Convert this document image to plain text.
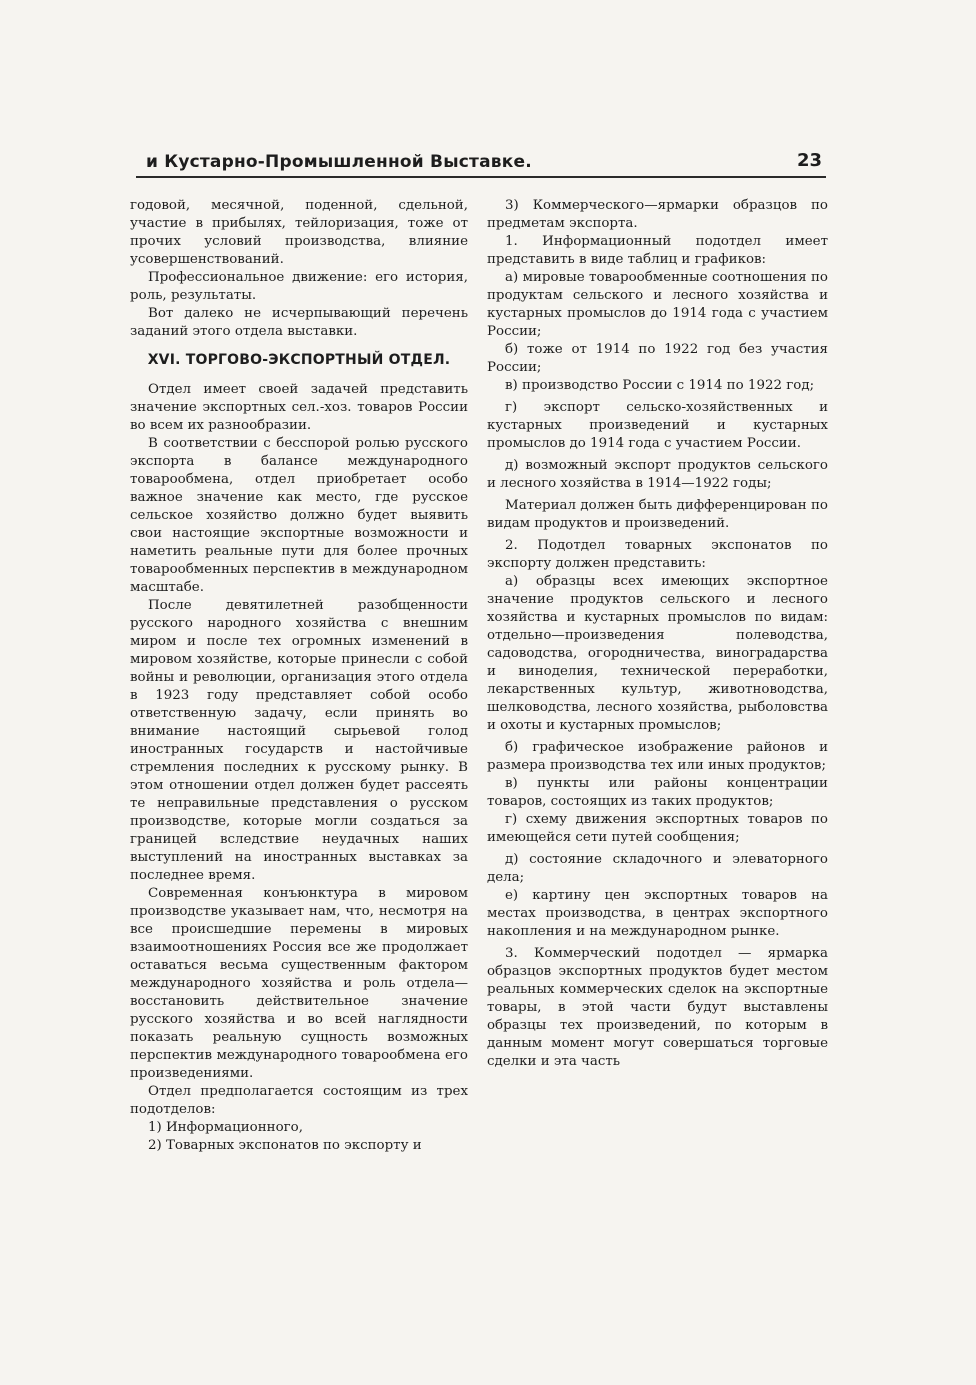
и Кустарно-Промышленной Выставке.	23

годовой, месячной, поденной, сдельной, участие в прибылях, тейлоризация, тоже от прочих условий производства, влияние усовершенствований.

Профессиональное движение: его история, роль, результаты.

Вот далеко не исчерпывающий перечень заданий этого отдела выставки.

XVI. ТОРГОВО-ЭКСПОРТНЫЙ ОТДЕЛ.

Отдел имеет своей задачей представить значение экспортных сел.-хоз. товаров России во всем их разнообразии.

В соответствии с бесспорой ролью русского экспорта в балансе международного товарообмена, отдел приобретает особо важное значение как место, где русское сельское хозяйство должно будет выявить свои настоящие экспортные возможности и наметить реальные пути для более прочных товарообменных перспектив в международном масштабе.

После девятилетней разобщенности русского народного хозяйства с внешним миром и после тех огромных изменений в мировом хозяйстве, которые принесли с собой войны и революции, организация этого отдела в 1923 году представляет собой особо ответственную задачу, если принять во внимание настоящий сырьевой голод иностранных государств и настойчивые стремления последних к русскому рынку. В этом отношении отдел должен будет рассеять те неправильные представления о русском производстве, которые могли создаться за границей вследствие неудачных наших выступлений на иностранных выставках за последнее время.

Современная конъюнктура в мировом производстве указывает нам, что, несмотря на все происшедшие перемены в мировых взаимоотношениях Россия все же продолжает оставаться весьма существенным фактором международного хозяйства и роль отдела—восстановить действительное значение русского хозяйства и во всей наглядности показать реальную сущность возможных перспектив международного товарообмена его произведениями.

Отдел предполагается состоящим из трех подотделов:

1) Информационного,

2) Товарных экспонатов по экспорту и

3) Коммерческого—ярмарки образцов по предметам экспорта.

1. Информационный подотдел имеет представить в виде таблиц и графиков:

а) мировые товарообменные соотношения по продуктам сельского и лесного хозяйства и кустарных промыслов до 1914 года с участием России;

б) тоже от 1914 по 1922 год без участия России;

в) производство России с 1914 по 1922 год;

г) экспорт сельско-хозяйственных и кустарных произведений и кустарных промыслов до 1914 года с участием России.

д) возможный экспорт продуктов сельского и лесного хозяйства в 1914—1922 годы;

Материал должен быть дифференцирован по видам продуктов и произведений.

2. Подотдел товарных экспонатов по экспорту должен представить:

а) образцы всех имеющих экспортное значение продуктов сельского и лесного хозяйства и кустарных промыслов по видам: отдельно—произведения полеводства, садоводства, огородничества, виноградарства и виноделия, технической переработки, лекарственных культур, животноводства, шелководства, лесного хозяйства, рыболовства и охоты и кустарных промыслов;

б) графическое изображение районов и размера производства тех или иных продуктов;

в) пункты или районы концентрации товаров, состоящих из таких продуктов;

г) схему движения экспортных товаров по имеющейся сети путей сообщения;

д) состояние складочного и элеваторного дела;

е) картину цен экспортных товаров на местах производства, в центрах экспортного накопления и на международном рынке.

3. Коммерческий подотдел — ярмарка образцов экспортных продуктов будет местом реальных коммерческих сделок на экспортные товары, в этой части будут выставлены образцы тех произведений, по которым в данным момент могут совершаться торговые сделки и эта часть
